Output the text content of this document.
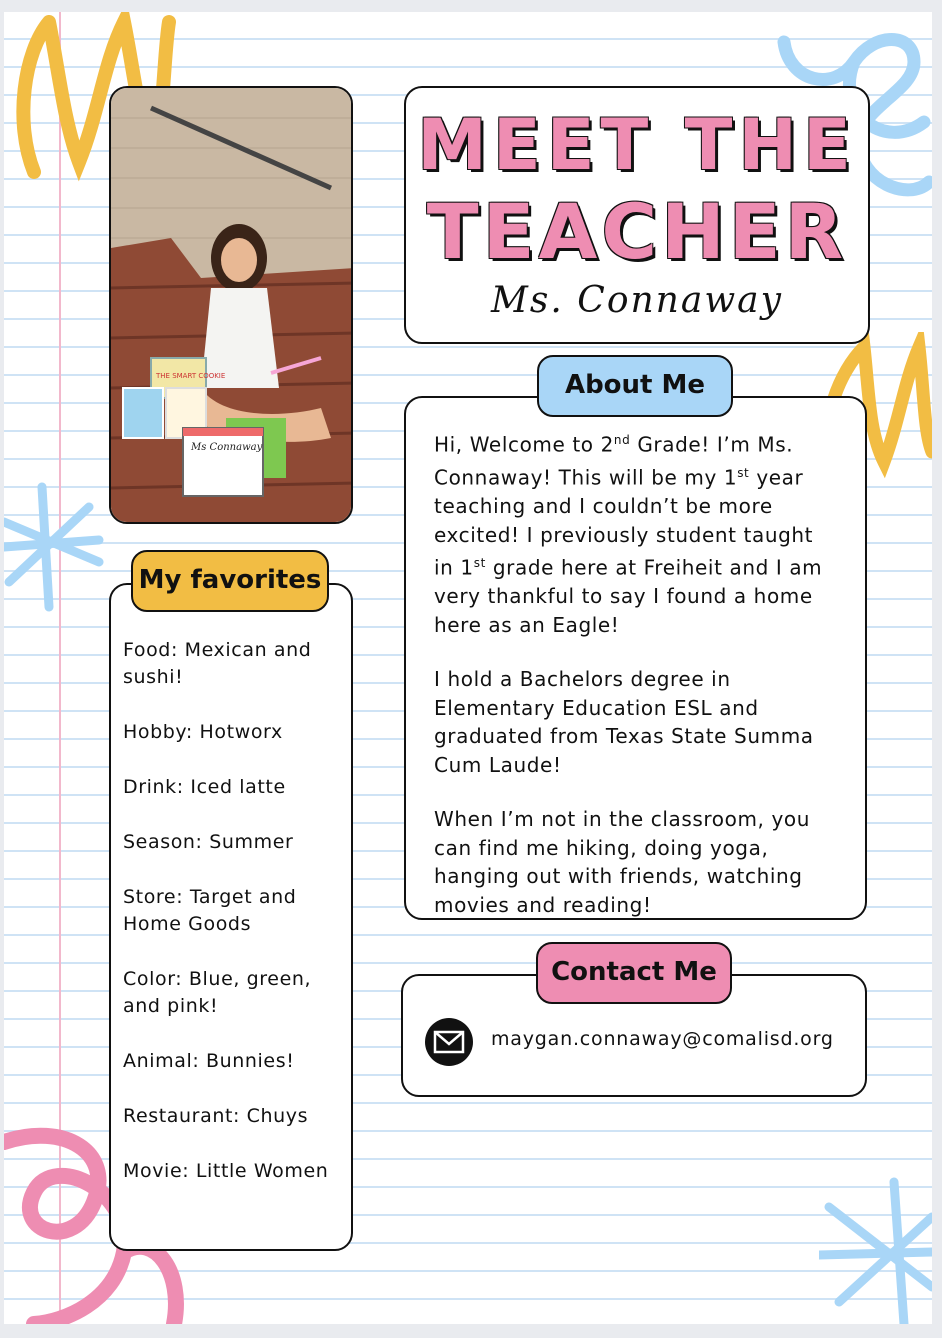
THE SMART COOKIE
Ms Connaway
MEET THE
TEACHER
Ms. Connaway
About Me

Hi, Welcome to 2nd Grade! I’m Ms. Connaway! This will be my 1st year teaching and I couldn’t be more excited! I previously student taught in 1st grade here at Freiheit and I am very thankful to say I found a home here as an Eagle!

I hold a Bachelors degree in Elementary Education ESL and graduated from Texas State Summa Cum Laude!

When I’m not in the classroom, you can find me hiking, doing yoga, hanging out with friends, watching movies and reading!

My favorites
Food: Mexican and sushi!
Hobby: Hotworx
Drink: Iced latte
Season: Summer
Store: Target and Home Goods
Color: Blue, green, and pink!
Animal: Bunnies!
Restaurant: Chuys
Movie: Little Women
Contact Me
maygan.connaway@comalisd.org
